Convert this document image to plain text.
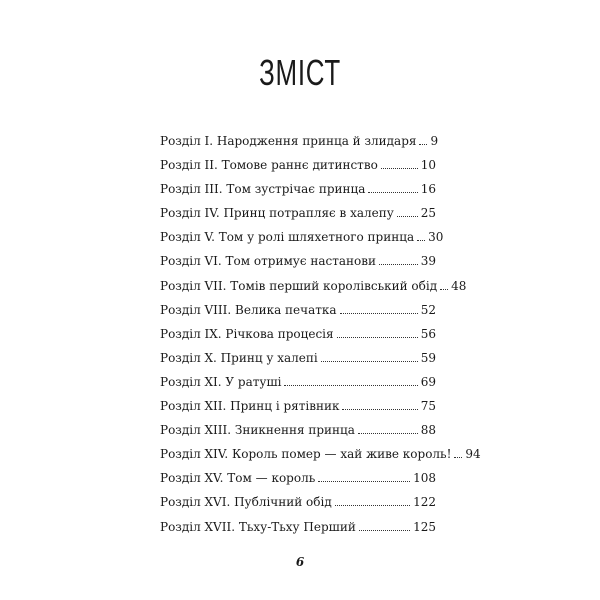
ЗМІСТ
Розділ I. Народження принца й злидаря 9
Розділ II. Томове раннє дитинство	10
Розділ III. Том зустрічає принца	16
Розділ IV. Принц потрапляє в халепу 25
Розділ V. Том у ролі шляхетного принца 30
Розділ VI. Том отримує настанови	39
Розділ VII. Томів перший королівський обід 48
Розділ VIII. Велика печатка	52
Розділ IX. Річкова процесія	56
Розділ X. Принц у халепі	59
Розділ XI. У ратуші	69
Розділ XII. Принц і рятівник	75
Розділ XIII. Зникнення принца	88
Розділ XIV. Король помер — хай живе король! 94
Розділ XV. Том — король	108
Розділ XVI. Публічний обід	122
Розділ XVII. Тьху-Тьху Перший	125
6
